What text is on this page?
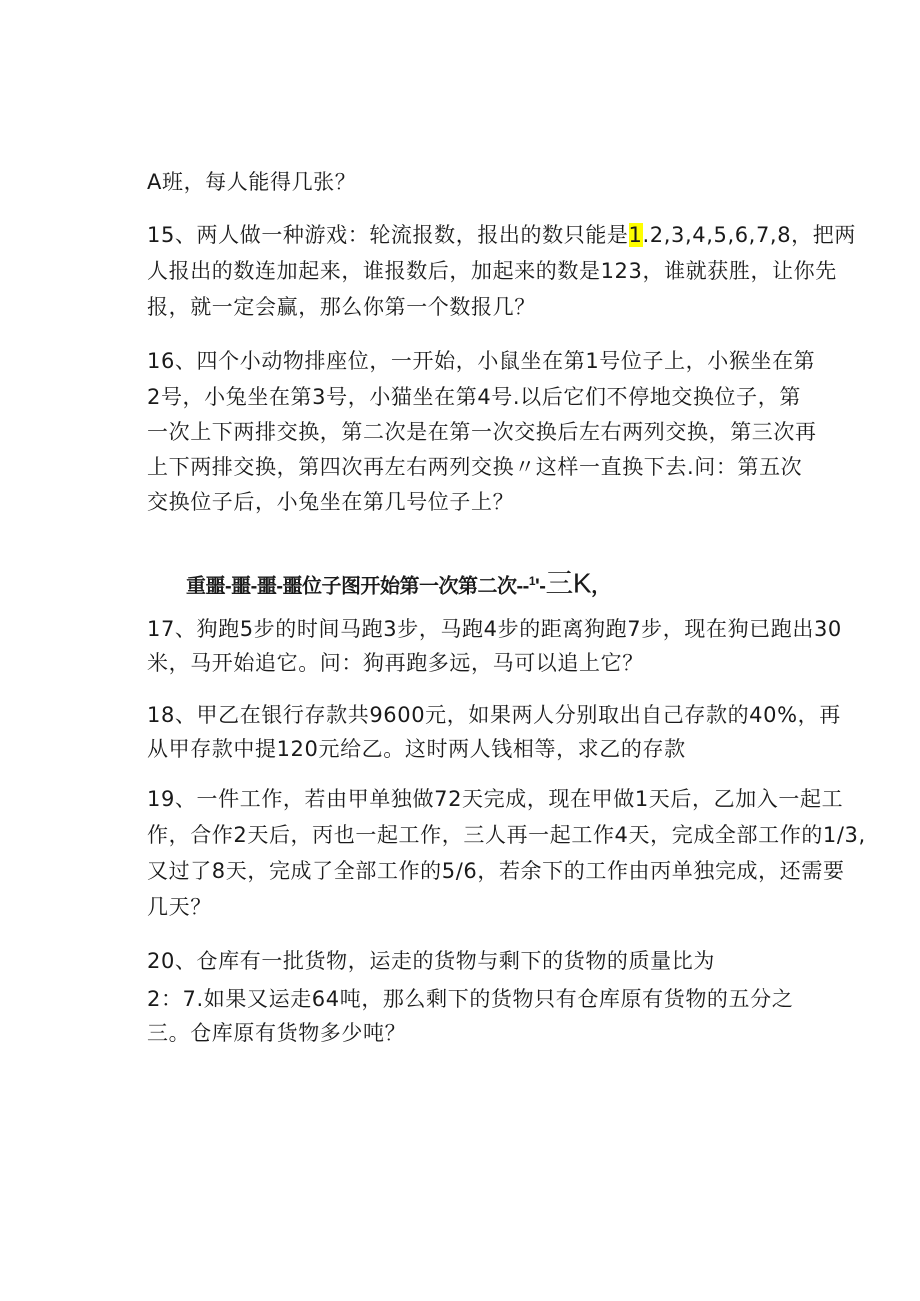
A班，每人能得几张？
15、两人做一种游戏：轮流报数，报出的数只能是1.2,3,4,5,6,7,8，把两
人报出的数连加起来，谁报数后，加起来的数是123，谁就获胜，让你先
报，就一定会赢，那么你第一个数报几？
16、四个小动物排座位，一开始，小鼠坐在第1号位子上，小猴坐在第
2号，小兔坐在第3号，小猫坐在第4号.以后它们不停地交换位子，第
一次上下两排交换，第二次是在第一次交换后左右两列交换，第三次再
上下两排交换，第四次再左右两列交换〃这样一直换下去.问：第五次
交换位子后，小兔坐在第几号位子上？
重噩-噩-噩-噩位子图开始第一次第二次--$^1$'-三K，
17、狗跑5步的时间马跑3步，马跑4步的距离狗跑7步，现在狗已跑出30
米，马开始追它。问：狗再跑多远，马可以追上它？
18、甲乙在银行存款共9600元，如果两人分别取出自己存款的40%，再
从甲存款中提120元给乙。这时两人钱相等，求乙的存款
19、一件工作，若由甲单独做72天完成，现在甲做1天后，乙加入一起工
作，合作2天后，丙也一起工作，三人再一起工作4天，完成全部工作的1/3,
又过了8天，完成了全部工作的5/6，若余下的工作由丙单独完成，还需要
几天？
20、仓库有一批货物，运走的货物与剩下的货物的质量比为
2：7.如果又运走64吨，那么剩下的货物只有仓库原有货物的五分之
三。仓库原有货物多少吨？
